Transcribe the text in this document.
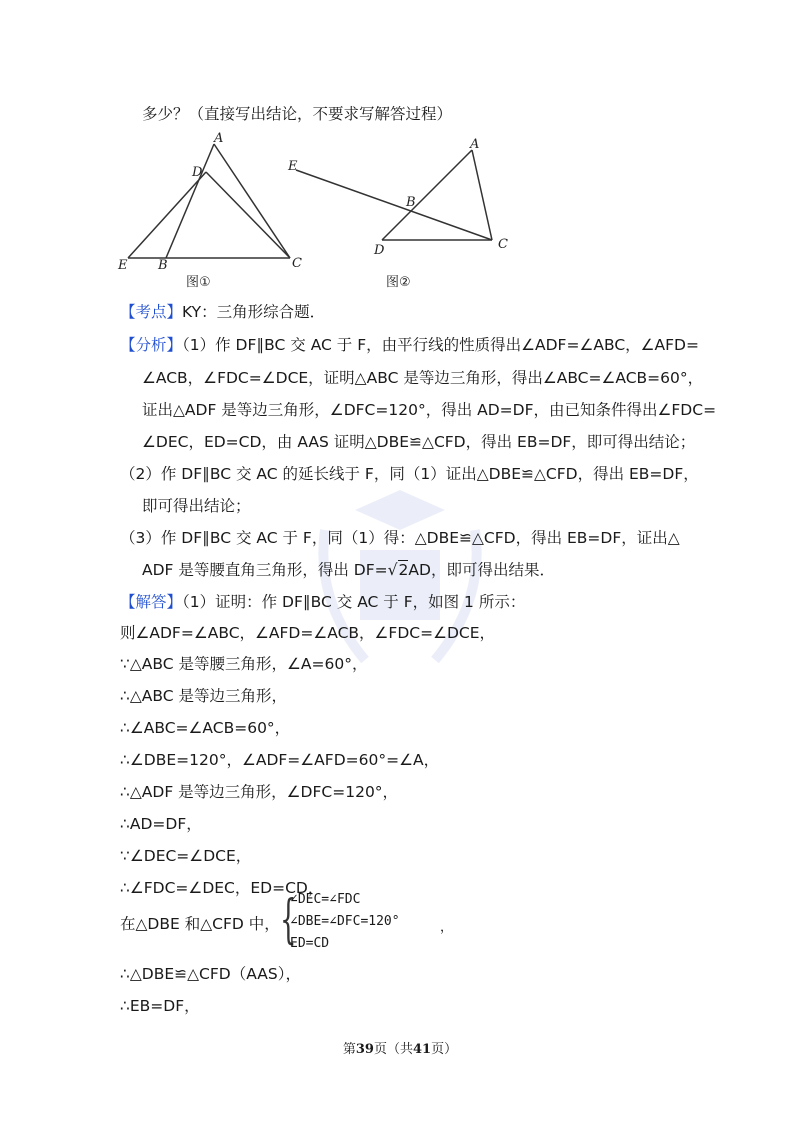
多少？（直接写出结论，不要求写解答过程）
A
D
E B	C
图①
E
A
B
D	C
图②
【考点】KY：三角形综合题．
【分析】（1）作 DF∥BC 交 AC 于 F，由平行线的性质得出∠ADF=∠ABC，∠AFD=
∠ACB，∠FDC=∠DCE，证明△ABC 是等边三角形，得出∠ABC=∠ACB=60°，
证出△ADF 是等边三角形，∠DFC=120°，得出 AD=DF，由已知条件得出∠FDC=
∠DEC，ED=CD，由 AAS 证明△DBE≌△CFD，得出 EB=DF，即可得出结论；
（2）作 DF∥BC 交 AC 的延长线于 F，同（1）证出△DBE≌△CFD，得出 EB=DF，
即可得出结论；
（3）作 DF∥BC 交 AC 于 F，同（1）得：△DBE≌△CFD，得出 EB=DF，证出△
ADF 是等腰直角三角形，得出 DF=√2AD，即可得出结果．
【解答】（1）证明：作 DF∥BC 交 AC 于 F，如图 1 所示：
则∠ADF=∠ABC，∠AFD=∠ACB，∠FDC=∠DCE，
∵△ABC 是等腰三角形，∠A=60°，
∴△ABC 是等边三角形，
∴∠ABC=∠ACB=60°，
∴∠DBE=120°，∠ADF=∠AFD=60°=∠A，
∴△ADF 是等边三角形，∠DFC=120°，
∴AD=DF，
∵∠DEC=∠DCE，
∴∠FDC=∠DEC，ED=CD，
在△DBE 和△CFD 中， {
∠DEC=∠FDC
∠DBE=∠DFC=120°
ED=CD
，
∴△DBE≌△CFD（AAS），
∴EB=DF，
第39页（共41页）
